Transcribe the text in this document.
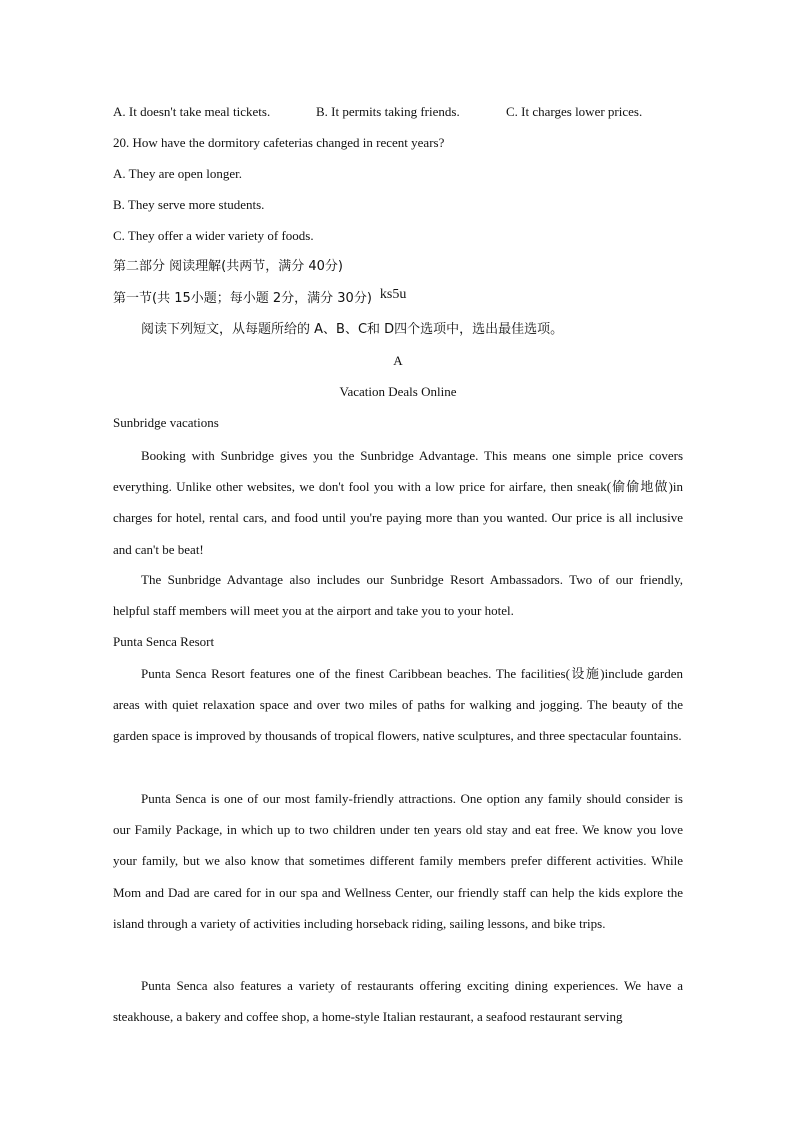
A. It doesn't take meal tickets.	B. It permits taking friends.	C. It charges lower prices.
20. How have the dormitory cafeterias changed in recent years?
A. They are open longer.
B. They serve more students.
C. They offer a wider variety of foods.
第二部分 阅读理解(共两节，满分 40分)
第一节(共 15小题；每小题 2分，满分 30分) ks5u
阅读下列短文，从每题所给的 A、B、C和 D四个选项中，选出最佳选项。
A
Vacation Deals Online
Sunbridge vacations

Booking with Sunbridge gives you the Sunbridge Advantage. This means one simple price covers everything. Unlike other websites, we don't fool you with a low price for airfare, then sneak(偷偷地做)in charges for hotel, rental cars, and food until you're paying more than you wanted. Our price is all inclusive and can't be beat!

The Sunbridge Advantage also includes our Sunbridge Resort Ambassadors. Two of our friendly, helpful staff members will meet you at the airport and take you to your hotel.

Punta Senca Resort

Punta Senca Resort features one of the finest Caribbean beaches. The facilities(设施)include garden areas with quiet relaxation space and over two miles of paths for walking and jogging. The beauty of the garden space is improved by thousands of tropical flowers, native sculptures, and three spectacular fountains.

Punta Senca is one of our most family-friendly attractions. One option any family should consider is our Family Package, in which up to two children under ten years old stay and eat free. We know you love your family, but we also know that sometimes different family members prefer different activities. While Mom and Dad are cared for in our spa and Wellness Center, our friendly staff can help the kids explore the island through a variety of activities including horseback riding, sailing lessons, and bike trips.

Punta Senca also features a variety of restaurants offering exciting dining experiences. We have a steakhouse, a bakery and coffee shop, a home-style Italian restaurant, a seafood restaurant serving
